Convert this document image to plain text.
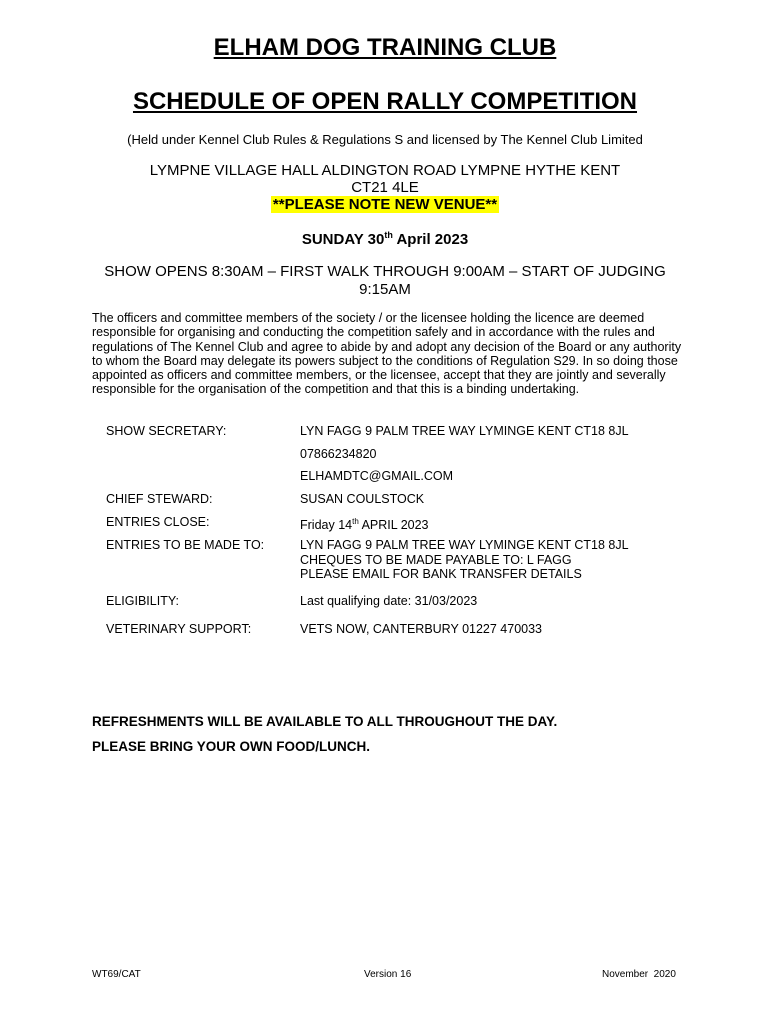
ELHAM DOG TRAINING CLUB
SCHEDULE OF OPEN RALLY COMPETITION
(Held under Kennel Club Rules & Regulations S and licensed by The Kennel Club Limited
LYMPNE VILLAGE HALL ALDINGTON ROAD LYMPNE HYTHE KENT
CT21 4LE
**PLEASE NOTE NEW VENUE**
SUNDAY 30th April 2023
SHOW OPENS 8:30AM – FIRST WALK THROUGH 9:00AM – START OF JUDGING
9:15AM
The officers and committee members of the society / or the licensee holding the licence are deemed responsible for organising and conducting the competition safely and in accordance with the rules and regulations of The Kennel Club and agree to abide by and adopt any decision of the Board or any authority to whom the Board may delegate its powers subject to the conditions of Regulation S29. In so doing those appointed as officers and committee members, or the licensee, accept that they are jointly and severally responsible for the organisation of the competition and that this is a binding undertaking.
SHOW SECRETARY:	LYN FAGG 9 PALM TREE WAY LYMINGE KENT CT18 8JL
07866234820
ELHAMDTC@GMAIL.COM
CHIEF STEWARD:	SUSAN COULSTOCK
ENTRIES CLOSE:	Friday 14th APRIL 2023
ENTRIES TO BE MADE TO:	LYN FAGG 9 PALM TREE WAY LYMINGE KENT CT18 8JL
CHEQUES TO BE MADE PAYABLE TO: L FAGG
PLEASE EMAIL FOR BANK TRANSFER DETAILS
ELIGIBILITY:	Last qualifying date: 31/03/2023
VETERINARY SUPPORT:	VETS NOW, CANTERBURY 01227 470033
REFRESHMENTS WILL BE AVAILABLE TO ALL THROUGHOUT THE DAY.
PLEASE BRING YOUR OWN FOOD/LUNCH.
WT69/CAT	Version 16	November  2020
